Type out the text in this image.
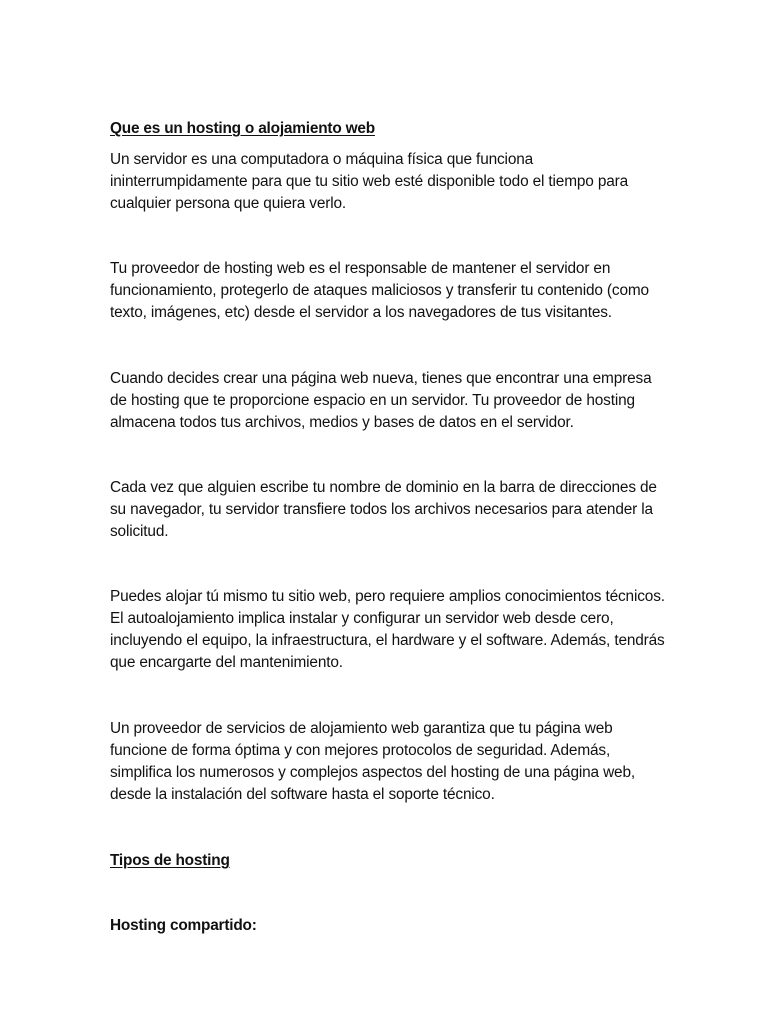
Que es un hosting o alojamiento web

Un servidor es una computadora o máquina física que funciona
ininterrumpidamente para que tu sitio web esté disponible todo el tiempo para
cualquier persona que quiera verlo.

Tu proveedor de hosting web es el responsable de mantener el servidor en
funcionamiento, protegerlo de ataques maliciosos y transferir tu contenido (como
texto, imágenes, etc) desde el servidor a los navegadores de tus visitantes.

Cuando decides crear una página web nueva, tienes que encontrar una empresa
de hosting que te proporcione espacio en un servidor. Tu proveedor de hosting
almacena todos tus archivos, medios y bases de datos en el servidor.

Cada vez que alguien escribe tu nombre de dominio en la barra de direcciones de
su navegador, tu servidor transfiere todos los archivos necesarios para atender la
solicitud.

Puedes alojar tú mismo tu sitio web, pero requiere amplios conocimientos técnicos.
El autoalojamiento implica instalar y configurar un servidor web desde cero,
incluyendo el equipo, la infraestructura, el hardware y el software. Además, tendrás
que encargarte del mantenimiento.

Un proveedor de servicios de alojamiento web garantiza que tu página web
funcione de forma óptima y con mejores protocolos de seguridad. Además,
simplifica los numerosos y complejos aspectos del hosting de una página web,
desde la instalación del software hasta el soporte técnico.

Tipos de hosting
Hosting compartido:
